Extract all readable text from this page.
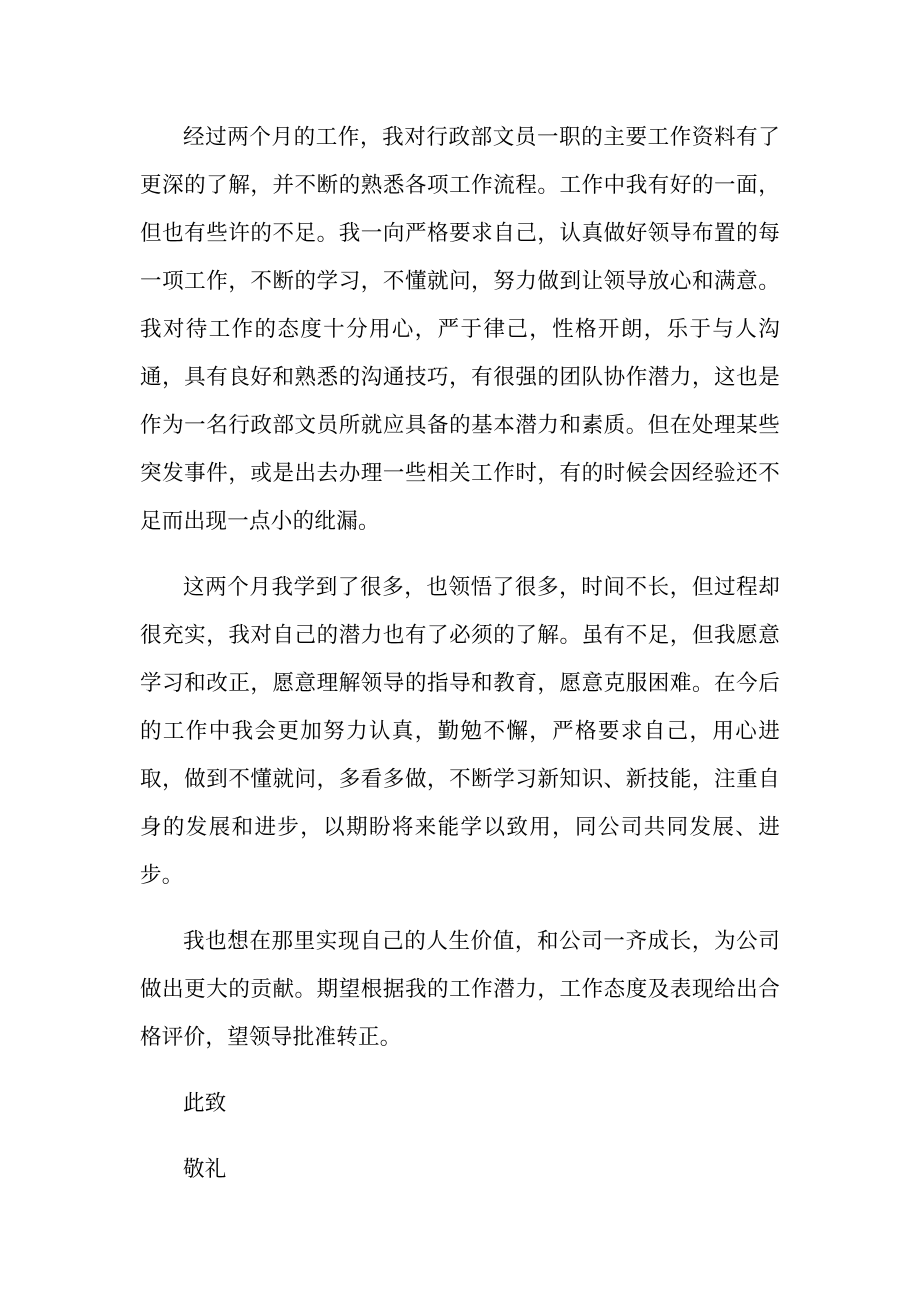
经过两个月的工作，我对行政部文员一职的主要工作资料有了更深的了解，并不断的熟悉各项工作流程。工作中我有好的一面，但也有些许的不足。我一向严格要求自己，认真做好领导布置的每一项工作，不断的学习，不懂就问，努力做到让领导放心和满意。我对待工作的态度十分用心，严于律己，性格开朗，乐于与人沟通，具有良好和熟悉的沟通技巧，有很强的团队协作潜力，这也是作为一名行政部文员所就应具备的基本潜力和素质。但在处理某些突发事件，或是出去办理一些相关工作时，有的时候会因经验还不足而出现一点小的纰漏。

这两个月我学到了很多，也领悟了很多，时间不长，但过程却很充实，我对自己的潜力也有了必须的了解。虽有不足，但我愿意学习和改正，愿意理解领导的指导和教育，愿意克服困难。在今后的工作中我会更加努力认真，勤勉不懈，严格要求自己，用心进取，做到不懂就问，多看多做，不断学习新知识、新技能，注重自身的发展和进步，以期盼将来能学以致用，同公司共同发展、进步。

我也想在那里实现自己的人生价值，和公司一齐成长，为公司做出更大的贡献。期望根据我的工作潜力，工作态度及表现给出合格评价，望领导批准转正。

此致

敬礼
